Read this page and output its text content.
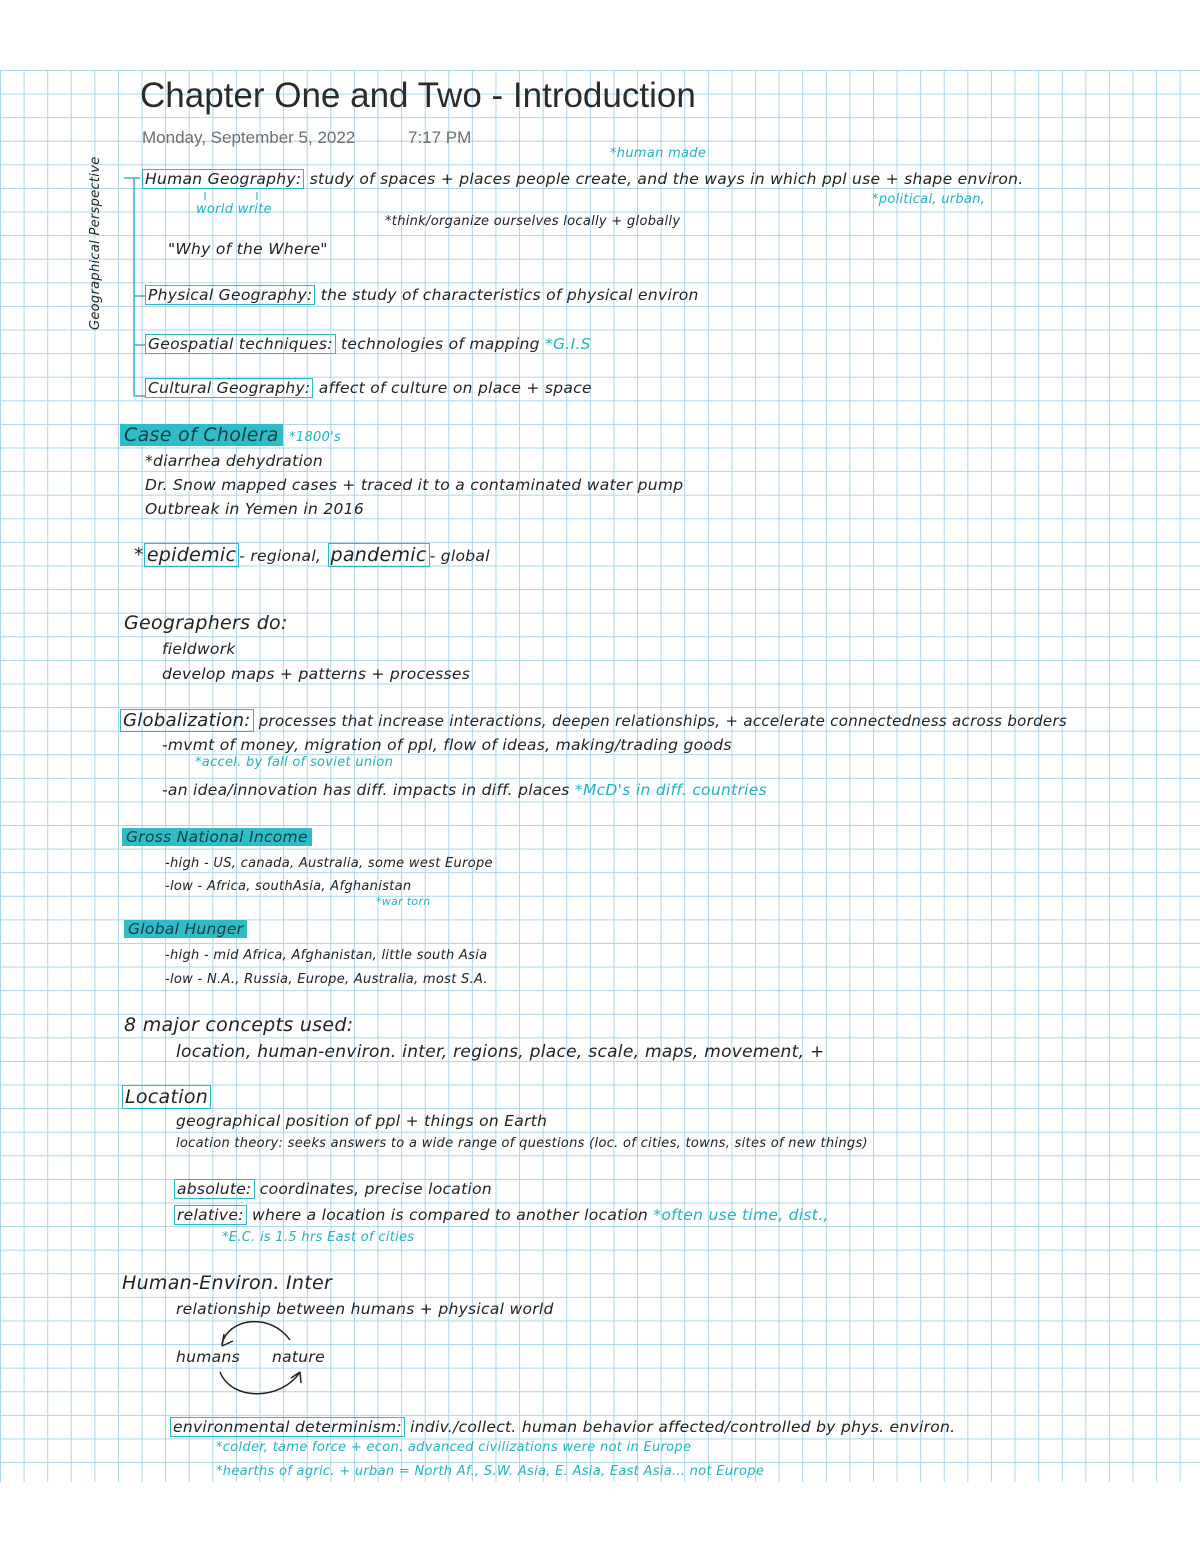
Chapter One and Two - Introduction
Monday, September 5, 2022	7:17 PM
Geographical Perspective
*human made
Human Geography: study of spaces + places people create, and the ways in which ppl use + shape environ.
world write
*political, urban,
*think/organize ourselves locally + globally
"Why of the Where"
Physical Geography: the study of characteristics of physical environ
Geospatial techniques: technologies of mapping *G.I.S
Cultural Geography: affect of culture on place + space
Case of Cholera *1800's
*diarrhea dehydration
Dr. Snow mapped cases + traced it to a contaminated water pump
Outbreak in Yemen in 2016
* epidemic - regional, pandemic - global
Geographers do:
fieldwork
develop maps + patterns + processes
Globalization: processes that increase interactions, deepen relationships, + accelerate connectedness across borders
-mvmt of money, migration of ppl, flow of ideas, making/trading goods
*accel. by fall of soviet union
-an idea/innovation has diff. impacts in diff. places *McD's in diff. countries
Gross National Income
-high - US, canada, Australia, some west Europe
-low - Africa, southAsia, Afghanistan
*war torn
Global Hunger
-high - mid Africa, Afghanistan, little south Asia
-low - N.A., Russia, Europe, Australia, most S.A.
8 major concepts used:
location, human-environ. inter, regions, place, scale, maps, movement, +
Location
geographical position of ppl + things on Earth
location theory: seeks answers to a wide range of questions (loc. of cities, towns, sites of new things)
absolute: coordinates, precise location
relative: where a location is compared to another location *often use time, dist.,
*E.C. is 1.5 hrs East of cities
Human-Environ. Inter
relationship between humans + physical world
humans nature
environmental determinism: indiv./collect. human behavior affected/controlled by phys. environ.
*colder, tame force + econ. advanced civilizations were not in Europe
*hearths of agric. + urban = North Af., S.W. Asia, E. Asia, East Asia... not Europe
